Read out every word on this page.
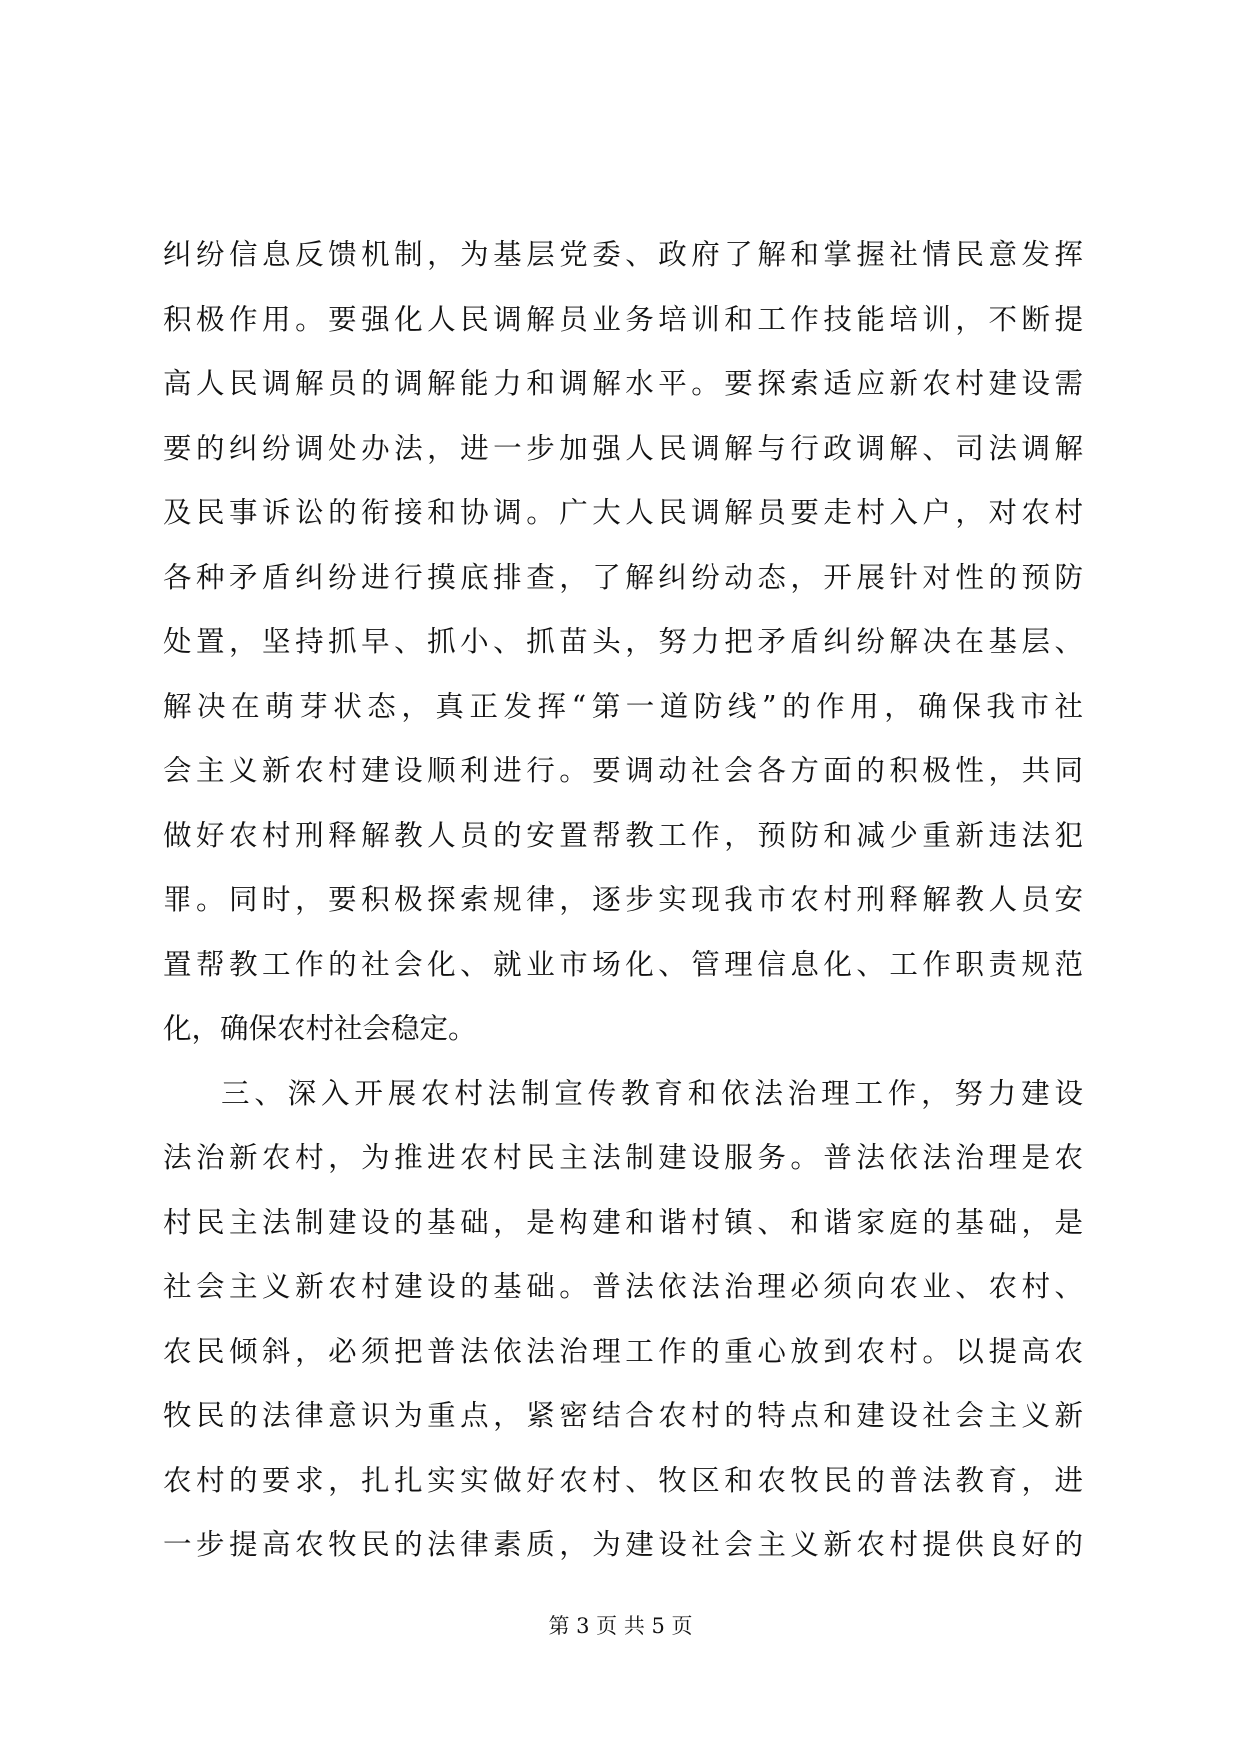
纠纷信息反馈机制，为基层党委、政府了解和掌握社情民意发挥
积极作用。要强化人民调解员业务培训和工作技能培训，不断提
高人民调解员的调解能力和调解水平。要探索适应新农村建设需
要的纠纷调处办法，进一步加强人民调解与行政调解、司法调解
及民事诉讼的衔接和协调。广大人民调解员要走村入户，对农村
各种矛盾纠纷进行摸底排查，了解纠纷动态，开展针对性的预防
处置，坚持抓早、抓小、抓苗头，努力把矛盾纠纷解决在基层、
解决在萌芽状态，真正发挥“第一道防线”的作用，确保我市社
会主义新农村建设顺利进行。要调动社会各方面的积极性，共同
做好农村刑释解教人员的安置帮教工作，预防和减少重新违法犯
罪。同时，要积极探索规律，逐步实现我市农村刑释解教人员安
置帮教工作的社会化、就业市场化、管理信息化、工作职责规范
化，确保农村社会稳定。
三、深入开展农村法制宣传教育和依法治理工作，努力建设
法治新农村，为推进农村民主法制建设服务。普法依法治理是农
村民主法制建设的基础，是构建和谐村镇、和谐家庭的基础，是
社会主义新农村建设的基础。普法依法治理必须向农业、农村、
农民倾斜，必须把普法依法治理工作的重心放到农村。以提高农
牧民的法律意识为重点，紧密结合农村的特点和建设社会主义新
农村的要求，扎扎实实做好农村、牧区和农牧民的普法教育，进
一步提高农牧民的法律素质，为建设社会主义新农村提供良好的
第 3 页 共 5 页
